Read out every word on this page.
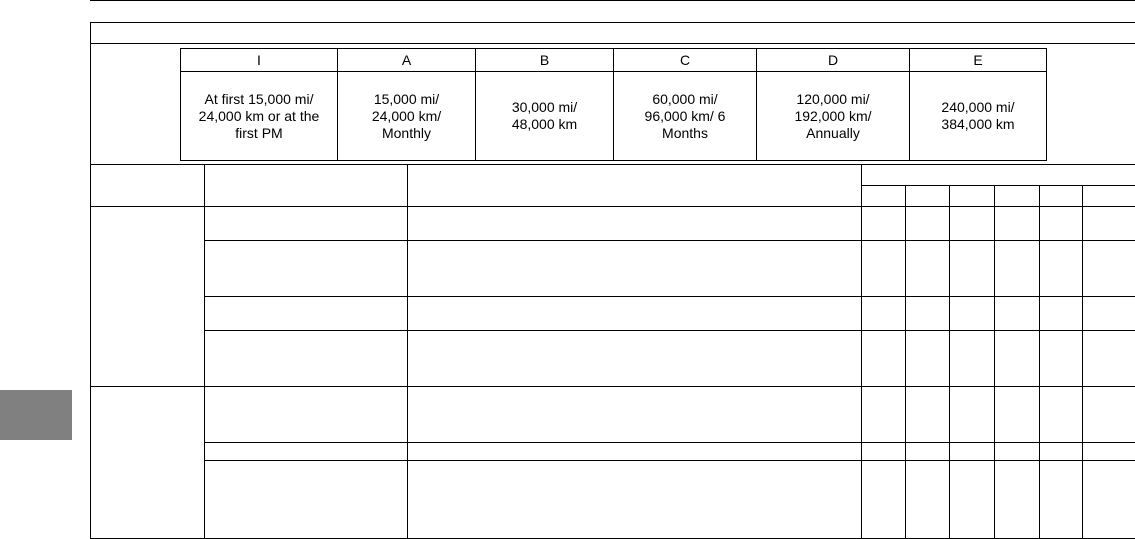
I	A	B	C	D	E
At first 15,000 mi/ 24,000 km or at the first PM	15,000 mi/ 24,000 km/ Monthly	30,000 mi/ 48,000 km	60,000 mi/ 96,000 km/ 6 Months	120,000 mi/ 192,000 km/ Annually	240,000 mi/ 384,000 km
